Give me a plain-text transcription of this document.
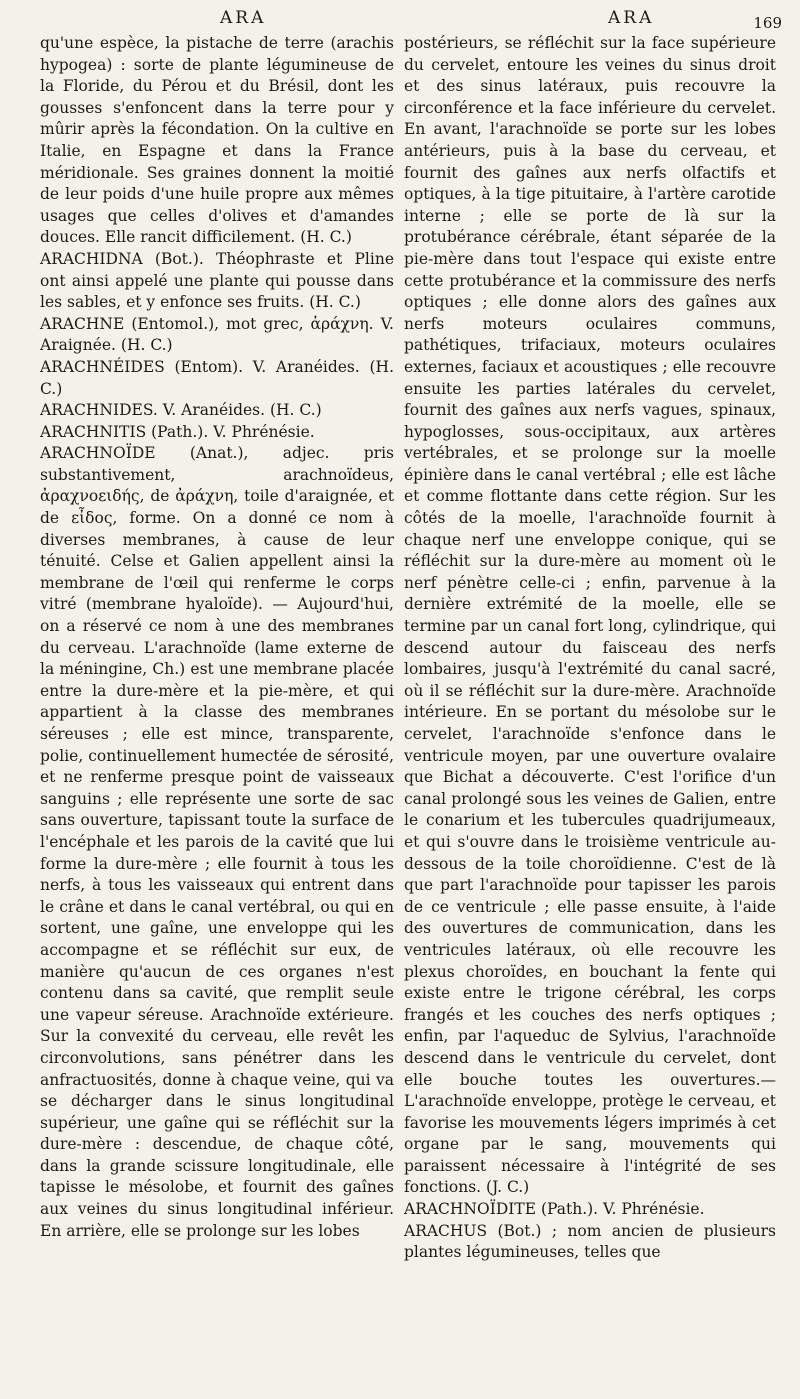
ARA	ARA	169

qu'une espèce, la pistache de terre (arachis hypogea) : sorte de plante légumineuse de la Floride, du Pérou et du Brésil, dont les gousses s'enfoncent dans la terre pour y mûrir après la fécondation. On la cultive en Italie, en Espagne et dans la France méridionale. Ses graines donnent la moitié de leur poids d'une huile propre aux mêmes usages que celles d'olives et d'amandes douces. Elle rancit difficilement. (H. C.)

ARACHIDNA (Bot.). Théophraste et Pline ont ainsi appelé une plante qui pousse dans les sables, et y enfonce ses fruits. (H. C.)

ARACHNE (Entomol.), mot grec, ἀράχνη. V. Araignée. (H. C.)

ARACHNÉIDES (Entom). V. Aranéides. (H. C.)

ARACHNIDES. V. Aranéides. (H. C.)

ARACHNITIS (Path.). V. Phrénésie.

ARACHNOÏDE (Anat.), adjec. pris substantivement, arachnoïdeus, ἀραχνοειδής, de ἀράχνη, toile d'araignée, et de εἶδος, forme. On a donné ce nom à diverses membranes, à cause de leur ténuité. Celse et Galien appellent ainsi la membrane de l'œil qui renferme le corps vitré (membrane hyaloïde). — Aujourd'hui, on a réservé ce nom à une des membranes du cerveau. L'arachnoïde (lame externe de la méningine, Ch.) est une membrane placée entre la dure-mère et la pie-mère, et qui appartient à la classe des membranes séreuses ; elle est mince, transparente, polie, continuellement humectée de sérosité, et ne renferme presque point de vaisseaux sanguins ; elle représente une sorte de sac sans ouverture, tapissant toute la surface de l'encéphale et les parois de la cavité que lui forme la dure-mère ; elle fournit à tous les nerfs, à tous les vaisseaux qui entrent dans le crâne et dans le canal vertébral, ou qui en sortent, une gaîne, une enveloppe qui les accompagne et se réfléchit sur eux, de manière qu'aucun de ces organes n'est contenu dans sa cavité, que remplit seule une vapeur séreuse. Arachnoïde extérieure. Sur la convexité du cerveau, elle revêt les circonvolutions, sans pénétrer dans les anfractuosités, donne à chaque veine, qui va se décharger dans le sinus longitudinal supérieur, une gaîne qui se réfléchit sur la dure-mère : descendue, de chaque côté, dans la grande scissure longitudinale, elle tapisse le mésolobe, et fournit des gaînes aux veines du sinus longitudinal inférieur. En arrière, elle se prolonge sur les lobes

postérieurs, se réfléchit sur la face supérieure du cervelet, entoure les veines du sinus droit et des sinus latéraux, puis recouvre la circonférence et la face inférieure du cervelet. En avant, l'arachnoïde se porte sur les lobes antérieurs, puis à la base du cerveau, et fournit des gaînes aux nerfs olfactifs et optiques, à la tige pituitaire, à l'artère carotide interne ; elle se porte de là sur la protubérance cérébrale, étant séparée de la pie-mère dans tout l'espace qui existe entre cette protubérance et la commissure des nerfs optiques ; elle donne alors des gaînes aux nerfs moteurs oculaires communs, pathétiques, trifaciaux, moteurs oculaires externes, faciaux et acoustiques ; elle recouvre ensuite les parties latérales du cervelet, fournit des gaînes aux nerfs vagues, spinaux, hypoglosses, sous-occipitaux, aux artères vertébrales, et se prolonge sur la moelle épinière dans le canal vertébral ; elle est lâche et comme flottante dans cette région. Sur les côtés de la moelle, l'arachnoïde fournit à chaque nerf une enveloppe conique, qui se réfléchit sur la dure-mère au moment où le nerf pénètre celle-ci ; enfin, parvenue à la dernière extrémité de la moelle, elle se termine par un canal fort long, cylindrique, qui descend autour du faisceau des nerfs lombaires, jusqu'à l'extrémité du canal sacré, où il se réfléchit sur la dure-mère. Arachnoïde intérieure. En se portant du mésolobe sur le cervelet, l'arachnoïde s'enfonce dans le ventricule moyen, par une ouverture ovalaire que Bichat a découverte. C'est l'orifice d'un canal prolongé sous les veines de Galien, entre le conarium et les tubercules quadrijumeaux, et qui s'ouvre dans le troisième ventricule au-dessous de la toile choroïdienne. C'est de là que part l'arachnoïde pour tapisser les parois de ce ventricule ; elle passe ensuite, à l'aide des ouvertures de communication, dans les ventricules latéraux, où elle recouvre les plexus choroïdes, en bouchant la fente qui existe entre le trigone cérébral, les corps frangés et les couches des nerfs optiques ; enfin, par l'aqueduc de Sylvius, l'arachnoïde descend dans le ventricule du cervelet, dont elle bouche toutes les ouvertures.—L'arachnoïde enveloppe, protège le cerveau, et favorise les mouvements légers imprimés à cet organe par le sang, mouvements qui paraissent nécessaire à l'intégrité de ses fonctions. (J. C.)

ARACHNOÏDITE (Path.). V. Phrénésie.

ARACHUS (Bot.) ; nom ancien de plusieurs plantes légumineuses, telles que
